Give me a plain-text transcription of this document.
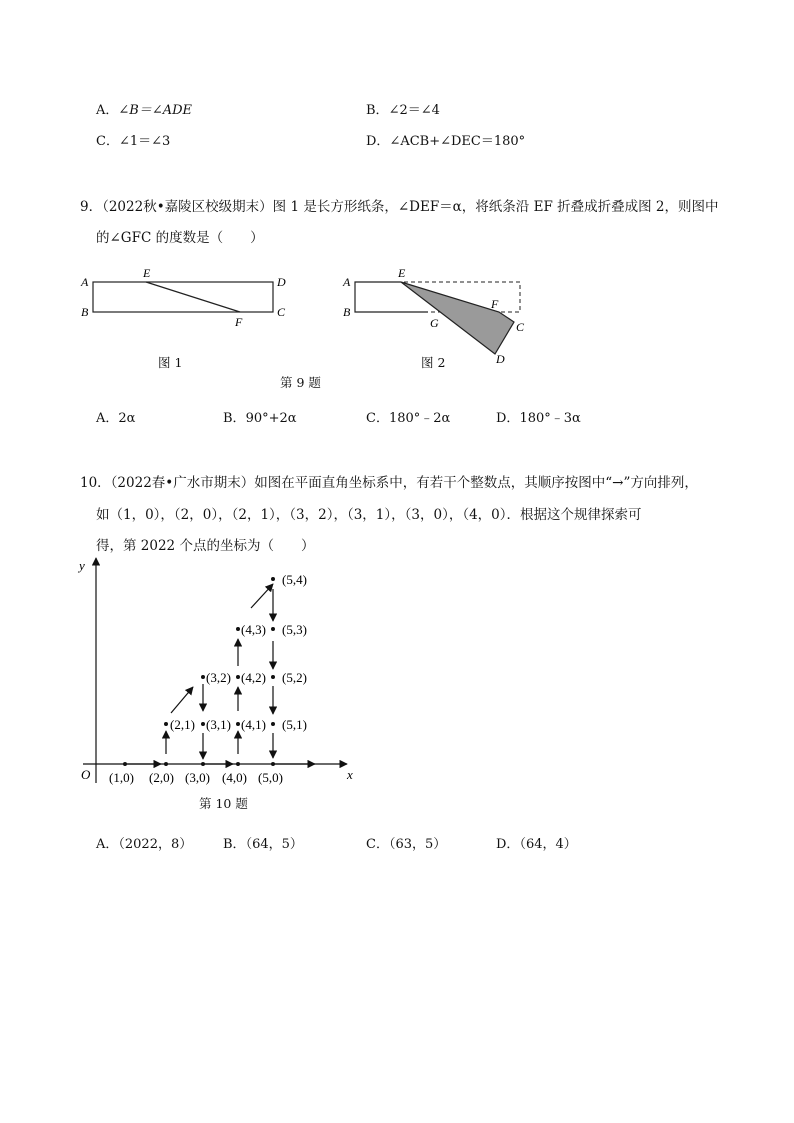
A．∠B＝∠ADE	B．∠2＝∠4
C．∠1＝∠3	D．∠ACB+∠DEC＝180°
9．（2022秋•嘉陵区校级期末）图 1 是长方形纸条，∠DEF＝α，将纸条沿 EF 折叠成折叠成图 2，则图中
的∠GFC 的度数是（　　）
A
B
E
D
C
F
图 1
A
B
E
F
G	C
D
图 2
第 9 题
A．2α	B．90°+2α	C．180°﹣2α	D．180°﹣3α
10．（2022春•广水市期末）如图在平面直角坐标系中，有若干个整数点，其顺序按图中“→”方向排列，
如（1，0），（2，0），（2，1），（3，2），（3，1），（3，0），（4，0）．根据这个规律探索可
得，第 2022 个点的坐标为（　　）
y
x
O (1,0) (2,0) (3,0) (4,0) (5,0)
(2,1) (3,1) (4,1) (5,1)
(3,2) (4,2) (5,2)
(4,3) (5,3)
(5,4)
第 10 题
A．（2022，8） B．（64，5）	C．（63，5）	D．（64，4）
